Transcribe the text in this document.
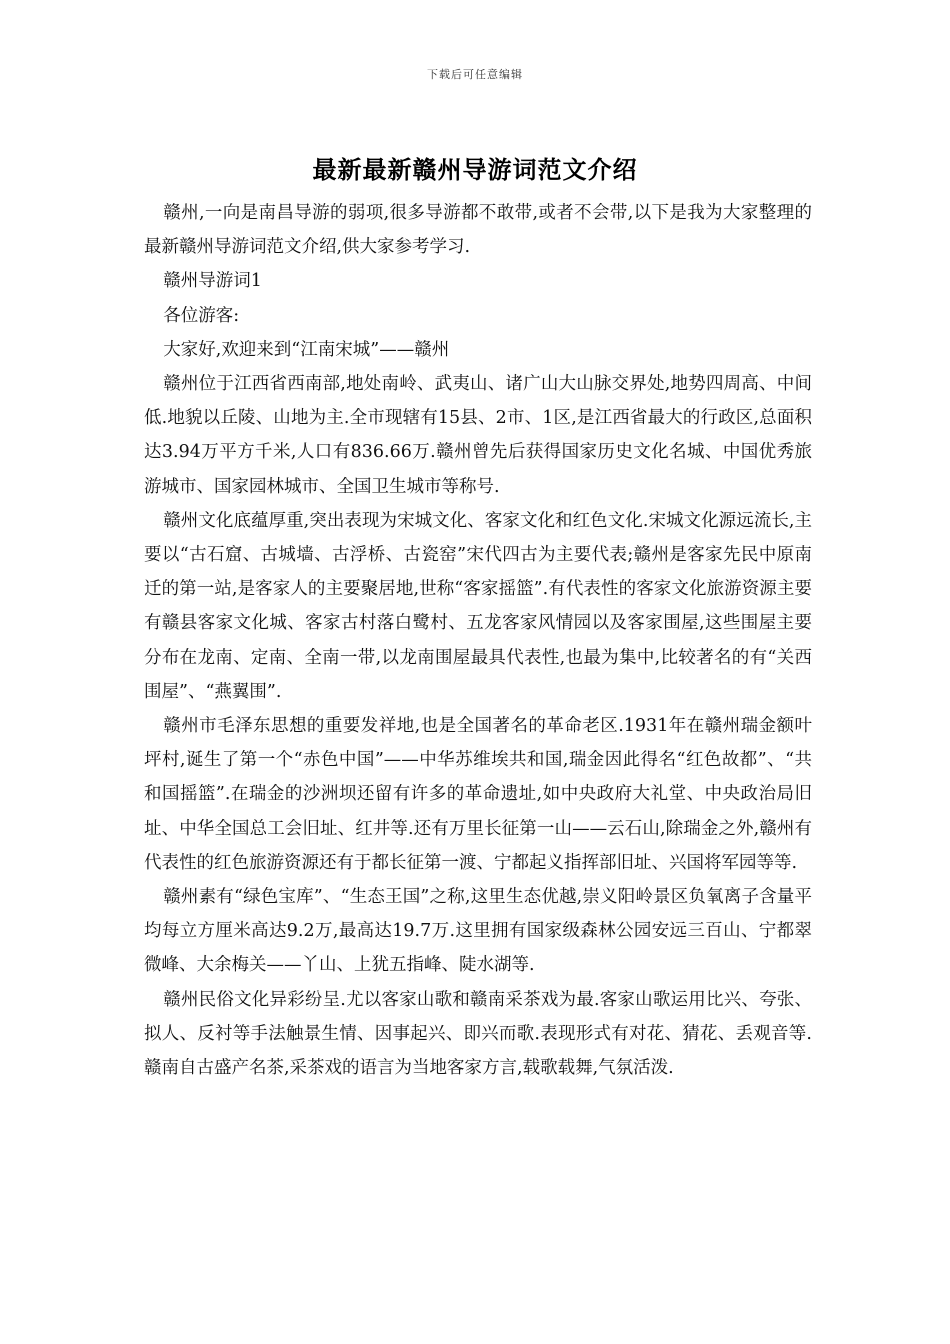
下载后可任意编辑
最新最新赣州导游词范文介绍

赣州,一向是南昌导游的弱项,很多导游都不敢带,或者不会带,以下是我为大家整理的最新赣州导游词范文介绍,供大家参考学习.

赣州导游词1

各位游客:

大家好,欢迎来到“江南宋城”——赣州

赣州位于江西省西南部,地处南岭、武夷山、诸广山大山脉交界处,地势四周高、中间低.地貌以丘陵、山地为主.全市现辖有15县、2市、1区,是江西省最大的行政区,总面积达3.94万平方千米,人口有836.66万.赣州曾先后获得国家历史文化名城、中国优秀旅游城市、国家园林城市、全国卫生城市等称号.

赣州文化底蕴厚重,突出表现为宋城文化、客家文化和红色文化.宋城文化源远流长,主要以“古石窟、古城墙、古浮桥、古瓷窑”宋代四古为主要代表;赣州是客家先民中原南迁的第一站,是客家人的主要聚居地,世称“客家摇篮”.有代表性的客家文化旅游资源主要有赣县客家文化城、客家古村落白鹭村、五龙客家风情园以及客家围屋,这些围屋主要分布在龙南、定南、全南一带,以龙南围屋最具代表性,也最为集中,比较著名的有“关西围屋”、“燕翼围”.

赣州市毛泽东思想的重要发祥地,也是全国著名的革命老区.1931年在赣州瑞金额叶坪村,诞生了第一个“赤色中国”——中华苏维埃共和国,瑞金因此得名“红色故都”、“共和国摇篮”.在瑞金的沙洲坝还留有许多的革命遗址,如中央政府大礼堂、中央政治局旧址、中华全国总工会旧址、红井等.还有万里长征第一山——云石山,除瑞金之外,赣州有代表性的红色旅游资源还有于都长征第一渡、宁都起义指挥部旧址、兴国将军园等等.

赣州素有“绿色宝库”、“生态王国”之称,这里生态优越,崇义阳岭景区负氧离子含量平均每立方厘米高达9.2万,最高达19.7万.这里拥有国家级森林公园安远三百山、宁都翠微峰、大余梅关——丫山、上犹五指峰、陡水湖等.

赣州民俗文化异彩纷呈.尤以客家山歌和赣南采茶戏为最.客家山歌运用比兴、夸张、拟人、反衬等手法触景生情、因事起兴、即兴而歌.表现形式有对花、猜花、丢观音等.赣南自古盛产名茶,采茶戏的语言为当地客家方言,载歌载舞,气氛活泼.
